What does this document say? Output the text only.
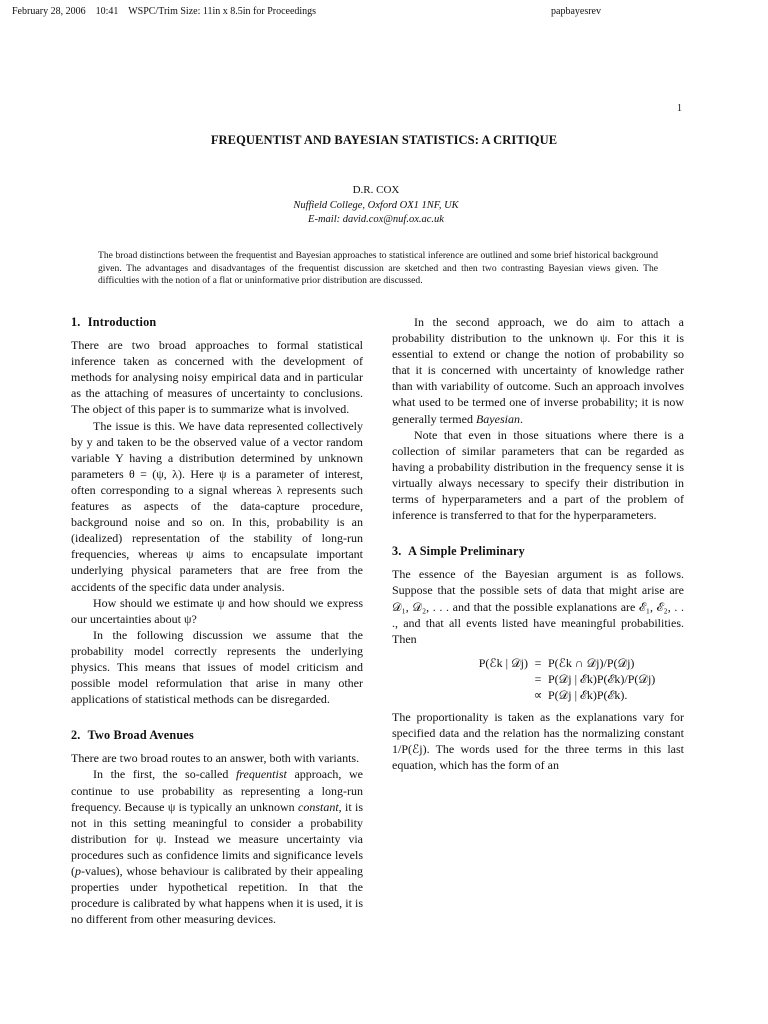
February 28, 2006    10:41    WSPC/Trim Size: 11in x 8.5in for Proceedings	papbayesrev
1
FREQUENTIST AND BAYESIAN STATISTICS: A CRITIQUE
D.R. COX
Nuffield College, Oxford OX1 1NF, UK
E-mail: david.cox@nuf.ox.ac.uk
The broad distinctions between the frequentist and Bayesian approaches to statistical inference are outlined and some brief historical background given. The advantages and disadvantages of the frequentist discussion are sketched and then two contrasting Bayesian views given. The difficulties with the notion of a flat or uninformative prior distribution are discussed.
1. Introduction

There are two broad approaches to formal statistical inference taken as concerned with the development of methods for analysing noisy empirical data and in particular as the attaching of measures of uncertainty to conclusions. The object of this paper is to summarize what is involved.

The issue is this. We have data represented collectively by y and taken to be the observed value of a vector random variable Y having a distribution determined by unknown parameters θ = (ψ, λ). Here ψ is a parameter of interest, often corresponding to a signal whereas λ represents such features as aspects of the data-capture procedure, background noise and so on. In this, probability is an (idealized) representation of the stability of long-run frequencies, whereas ψ aims to encapsulate important underlying physical parameters that are free from the accidents of the specific data under analysis.

How should we estimate ψ and how should we express our uncertainties about ψ?

In the following discussion we assume that the probability model correctly represents the underlying physics. This means that issues of model criticism and possible model reformulation that arise in many other applications of statistical methods can be disregarded.

2. Two Broad Avenues

There are two broad routes to an answer, both with variants.

In the first, the so-called frequentist approach, we continue to use probability as representing a long-run frequency. Because ψ is typically an unknown constant, it is not in this setting meaningful to consider a probability distribution for ψ. Instead we measure uncertainty via procedures such as confidence limits and significance levels (p-values), whose behaviour is calibrated by their appealing properties under hypothetical repetition. In that the procedure is calibrated by what happens when it is used, it is no different from other measuring devices.

In the second approach, we do aim to attach a probability distribution to the unknown ψ. For this it is essential to extend or change the notion of probability so that it is concerned with uncertainty of knowledge rather than with variability of outcome. Such an approach involves what used to be termed one of inverse probability; it is now generally termed Bayesian.

Note that even in those situations where there is a collection of similar parameters that can be regarded as having a probability distribution in the frequency sense it is virtually always necessary to specify their distribution in terms of hyperparameters and a part of the problem of inference is transferred to that for the hyperparameters.

3. A Simple Preliminary

The essence of the Bayesian argument is as follows. Suppose that the possible sets of data that might arise are 𝒟₁, 𝒟₂, . . . and that the possible explanations are ℰ₁, ℰ₂, . . ., and that all events listed have meaningful probabilities. Then

P(ℰk | 𝒟j) = P(ℰk ∩ 𝒟j)/P(𝒟j)
= P(𝒟j | ℰk)P(ℰk)/P(𝒟j)
∝ P(𝒟j | ℰk)P(ℰk).

The proportionality is taken as the explanations vary for specified data and the relation has the normalizing constant 1/P(ℰj). The words used for the three terms in this last equation, which has the form of an
